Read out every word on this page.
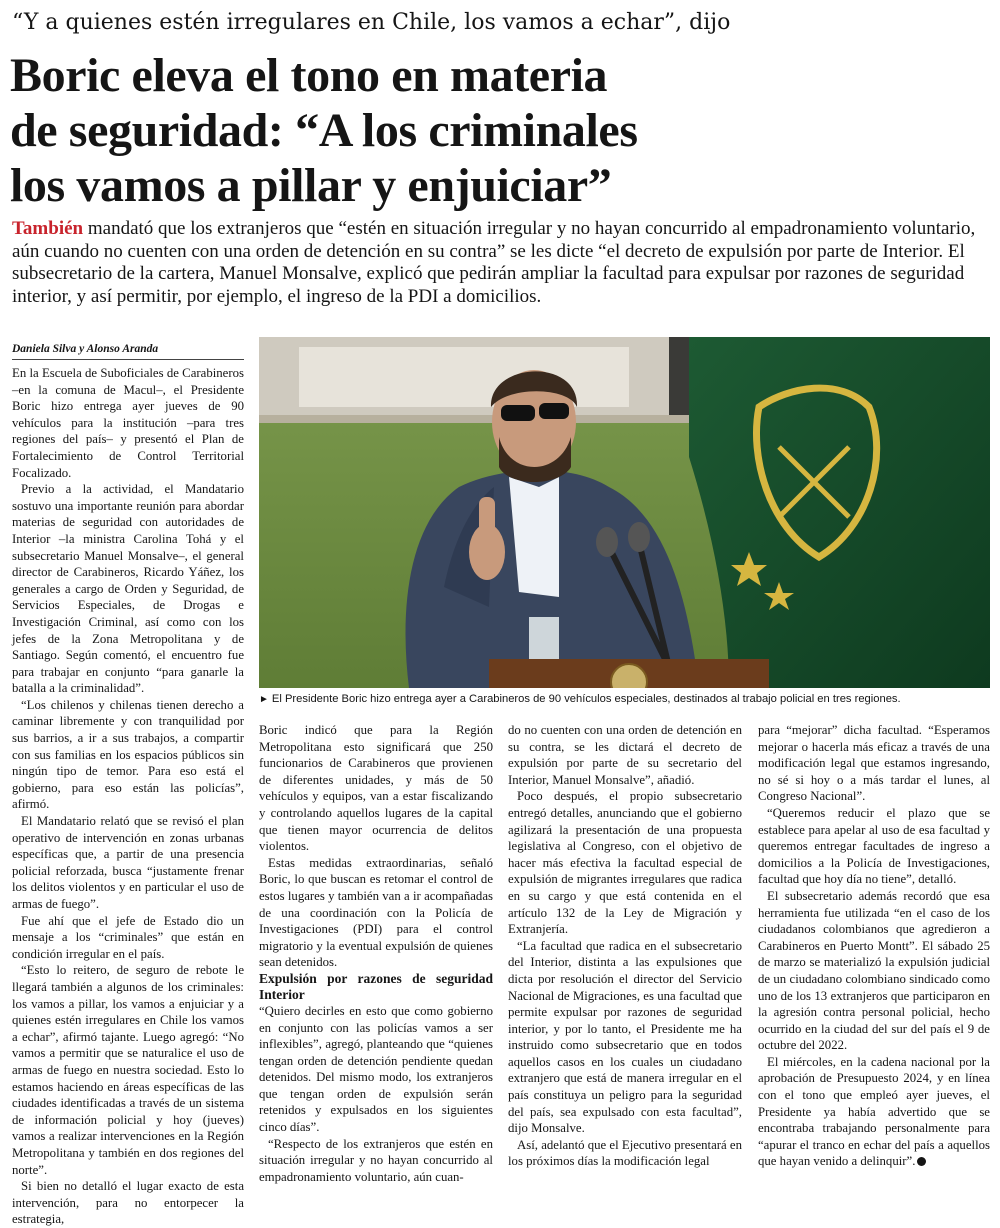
“Y a quienes estén irregulares en Chile, los vamos a echar”, dijo
Boric eleva el tono en materia
de seguridad: “A los criminales
los vamos a pillar y enjuiciar”

También mandató que los extranjeros que “estén en situación irregular y no hayan concurrido al empadronamiento voluntario, aún cuando no cuenten con una orden de detención en su contra” se les dicte “el decreto de expulsión por parte de Interior. El subsecretario de la cartera, Manuel Monsalve, explicó que pedirán ampliar la facultad para expulsar por razones de seguridad interior, y así permitir, por ejemplo, el ingreso de la PDI a domicilios.

Daniela Silva y Alonso Aranda

En la Escuela de Suboficiales de Carabineros –en la comuna de Macul–, el Presidente Boric hizo entrega ayer jueves de 90 vehículos para la institución –para tres regiones del país– y presentó el Plan de Fortalecimiento de Control Territorial Focalizado.

Previo a la actividad, el Mandatario sostuvo una importante reunión para abordar materias de seguridad con autoridades de Interior –la ministra Carolina Tohá y el subsecretario Manuel Monsalve–, el general director de Carabineros, Ricardo Yáñez, los generales a cargo de Orden y Seguridad, de Servicios Especiales, de Drogas e Investigación Criminal, así como con los jefes de la Zona Metropolitana y de Santiago. Según comentó, el encuentro fue para trabajar en conjunto “para ganarle la batalla a la criminalidad”.

“Los chilenos y chilenas tienen derecho a caminar libremente y con tranquilidad por sus barrios, a ir a sus trabajos, a compartir con sus familias en los espacios públicos sin ningún tipo de temor. Para eso está el gobierno, para eso están las policías”, afirmó.

El Mandatario relató que se revisó el plan operativo de intervención en zonas urbanas específicas que, a partir de una presencia policial reforzada, busca “justamente frenar los delitos violentos y en particular el uso de armas de fuego”.

Fue ahí que el jefe de Estado dio un mensaje a los “criminales” que están en condición irregular en el país.

“Esto lo reitero, de seguro de rebote le llegará también a algunos de los criminales: los vamos a pillar, los vamos a enjuiciar y a quienes estén irregulares en Chile los vamos a echar”, afirmó tajante. Luego agregó: “No vamos a permitir que se naturalice el uso de armas de fuego en nuestra sociedad. Esto lo estamos haciendo en áreas específicas de las ciudades identificadas a través de un sistema de información policial y hoy (jueves) vamos a realizar intervenciones en la Región Metropolitana y también en dos regiones del norte”.

Si bien no detalló el lugar exacto de esta intervención, para no entorpecer la estrategia,

► El Presidente Boric hizo entrega ayer a Carabineros de 90 vehículos especiales, destinados al trabajo policial en tres regiones.

Boric indicó que para la Región Metropolitana esto significará que 250 funcionarios de Carabineros que provienen de diferentes unidades, y más de 50 vehículos y equipos, van a estar fiscalizando y controlando aquellos lugares de la capital que tienen mayor ocurrencia de delitos violentos.

Estas medidas extraordinarias, señaló Boric, lo que buscan es retomar el control de estos lugares y también van a ir acompañadas de una coordinación con la Policía de Investigaciones (PDI) para el control migratorio y la eventual expulsión de quienes sean detenidos.

Expulsión por razones de seguridad Interior

“Quiero decirles en esto que como gobierno en conjunto con las policías vamos a ser inflexibles”, agregó, planteando que “quienes tengan orden de detención pendiente quedan detenidos. Del mismo modo, los extranjeros que tengan orden de expulsión serán retenidos y expulsados en los siguientes cinco días”.

“Respecto de los extranjeros que estén en situación irregular y no hayan concurrido al empadronamiento voluntario, aún cuan-

do no cuenten con una orden de detención en su contra, se les dictará el decreto de expulsión por parte de su secretario del Interior, Manuel Monsalve”, añadió.

Poco después, el propio subsecretario entregó detalles, anunciando que el gobierno agilizará la presentación de una propuesta legislativa al Congreso, con el objetivo de hacer más efectiva la facultad especial de expulsión de migrantes irregulares que radica en su cargo y que está contenida en el artículo 132 de la Ley de Migración y Extranjería.

“La facultad que radica en el subsecretario del Interior, distinta a las expulsiones que dicta por resolución el director del Servicio Nacional de Migraciones, es una facultad que permite expulsar por razones de seguridad interior, y por lo tanto, el Presidente me ha instruido como subsecretario que en todos aquellos casos en los cuales un ciudadano extranjero que está de manera irregular en el país constituya un peligro para la seguridad del país, sea expulsado con esta facultad”, dijo Monsalve.

Así, adelantó que el Ejecutivo presentará en los próximos días la modificación legal

para “mejorar” dicha facultad. “Esperamos mejorar o hacerla más eficaz a través de una modificación legal que estamos ingresando, no sé si hoy o a más tardar el lunes, al Congreso Nacional”.

“Queremos reducir el plazo que se establece para apelar al uso de esa facultad y queremos entregar facultades de ingreso a domicilios a la Policía de Investigaciones, facultad que hoy día no tiene”, detalló.

El subsecretario además recordó que esa herramienta fue utilizada “en el caso de los ciudadanos colombianos que agredieron a Carabineros en Puerto Montt”. El sábado 25 de marzo se materializó la expulsión judicial de un ciudadano colombiano sindicado como uno de los 13 extranjeros que participaron en la agresión contra personal policial, hecho ocurrido en la ciudad del sur del país el 9 de octubre del 2022.

El miércoles, en la cadena nacional por la aprobación de Presupuesto 2024, y en línea con el tono que empleó ayer jueves, el Presidente ya había advertido que se encontraba trabajando personalmente para “apurar el tranco en echar del país a aquellos que hayan venido a delinquir”.
